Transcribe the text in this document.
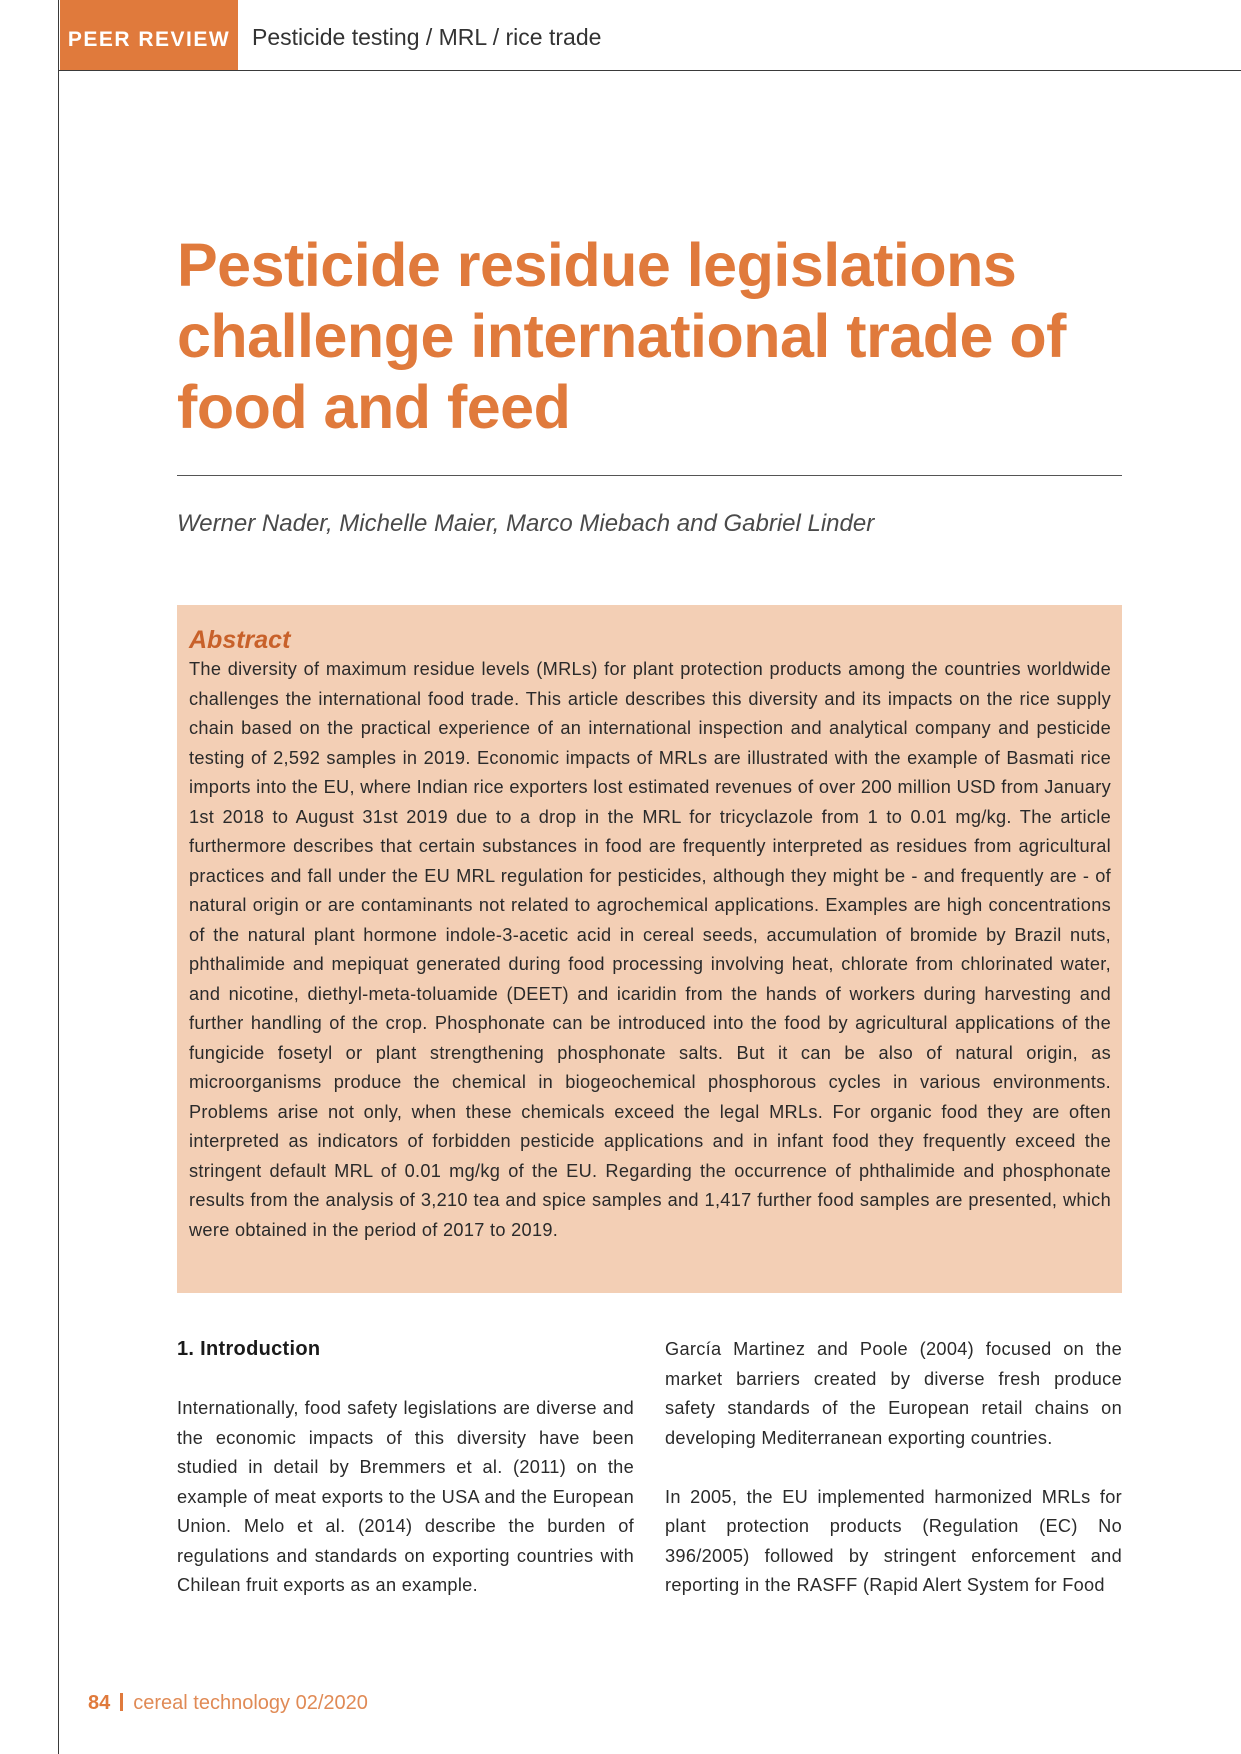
PEER REVIEW Pesticide testing / MRL / rice trade
Pesticide residue legislations challenge international trade of food and feed
Werner Nader, Michelle Maier, Marco Miebach and Gabriel Linder
Abstract

The diversity of maximum residue levels (MRLs) for plant protection products among the countries worldwide challenges the international food trade. This article describes this diversity and its impacts on the rice supply chain based on the practical experience of an international inspection and analytical company and pesticide testing of 2,592 samples in 2019. Economic impacts of MRLs are illustrated with the example of Basmati rice imports into the EU, where Indian rice exporters lost estimated revenues of over 200 million USD from January 1st 2018 to August 31st 2019 due to a drop in the MRL for tricyclazole from 1 to 0.01 mg/kg. The article furthermore describes that certain substances in food are frequently interpreted as residues from agricultural practices and fall under the EU MRL regulation for pesticides, although they might be - and frequently are - of natural origin or are contaminants not related to agrochemical applications. Examples are high concentrations of the natural plant hormone indole-3-acetic acid in cereal seeds, accumulation of bromide by Brazil nuts, phthalimide and mepiquat generated during food processing involving heat, chlorate from chlorinated water, and nicotine, diethyl-meta-toluamide (DEET) and icaridin from the hands of workers during harvesting and further handling of the crop. Phosphonate can be introduced into the food by agricultural applications of the fungicide fosetyl or plant strengthening phosphonate salts. But it can be also of natural origin, as microorganisms produce the chemical in biogeochemical phosphorous cycles in various environments. Problems arise not only, when these chemicals exceed the legal MRLs. For organic food they are often interpreted as indicators of forbidden pesticide applications and in infant food they frequently exceed the stringent default MRL of 0.01 mg/kg of the EU. Regarding the occurrence of phthalimide and phosphonate results from the analysis of 3,210 tea and spice samples and 1,417 further food samples are presented, which were obtained in the period of 2017 to 2019.

1. Introduction

Internationally, food safety legislations are diverse and the economic impacts of this diversity have been studied in detail by Bremmers et al. (2011) on the example of meat exports to the USA and the European Union. Melo et al. (2014) describe the burden of regulations and standards on exporting countries with Chilean fruit exports as an example.

García Martinez and Poole (2004) focused on the market barriers created by diverse fresh produce safety standards of the European retail chains on developing Mediterranean exporting countries.

In 2005, the EU implemented harmonized MRLs for plant protection products (Regulation (EC) No 396/2005) followed by stringent enforcement and reporting in the RASFF (Rapid Alert System for Food

84 cereal technology 02/2020
